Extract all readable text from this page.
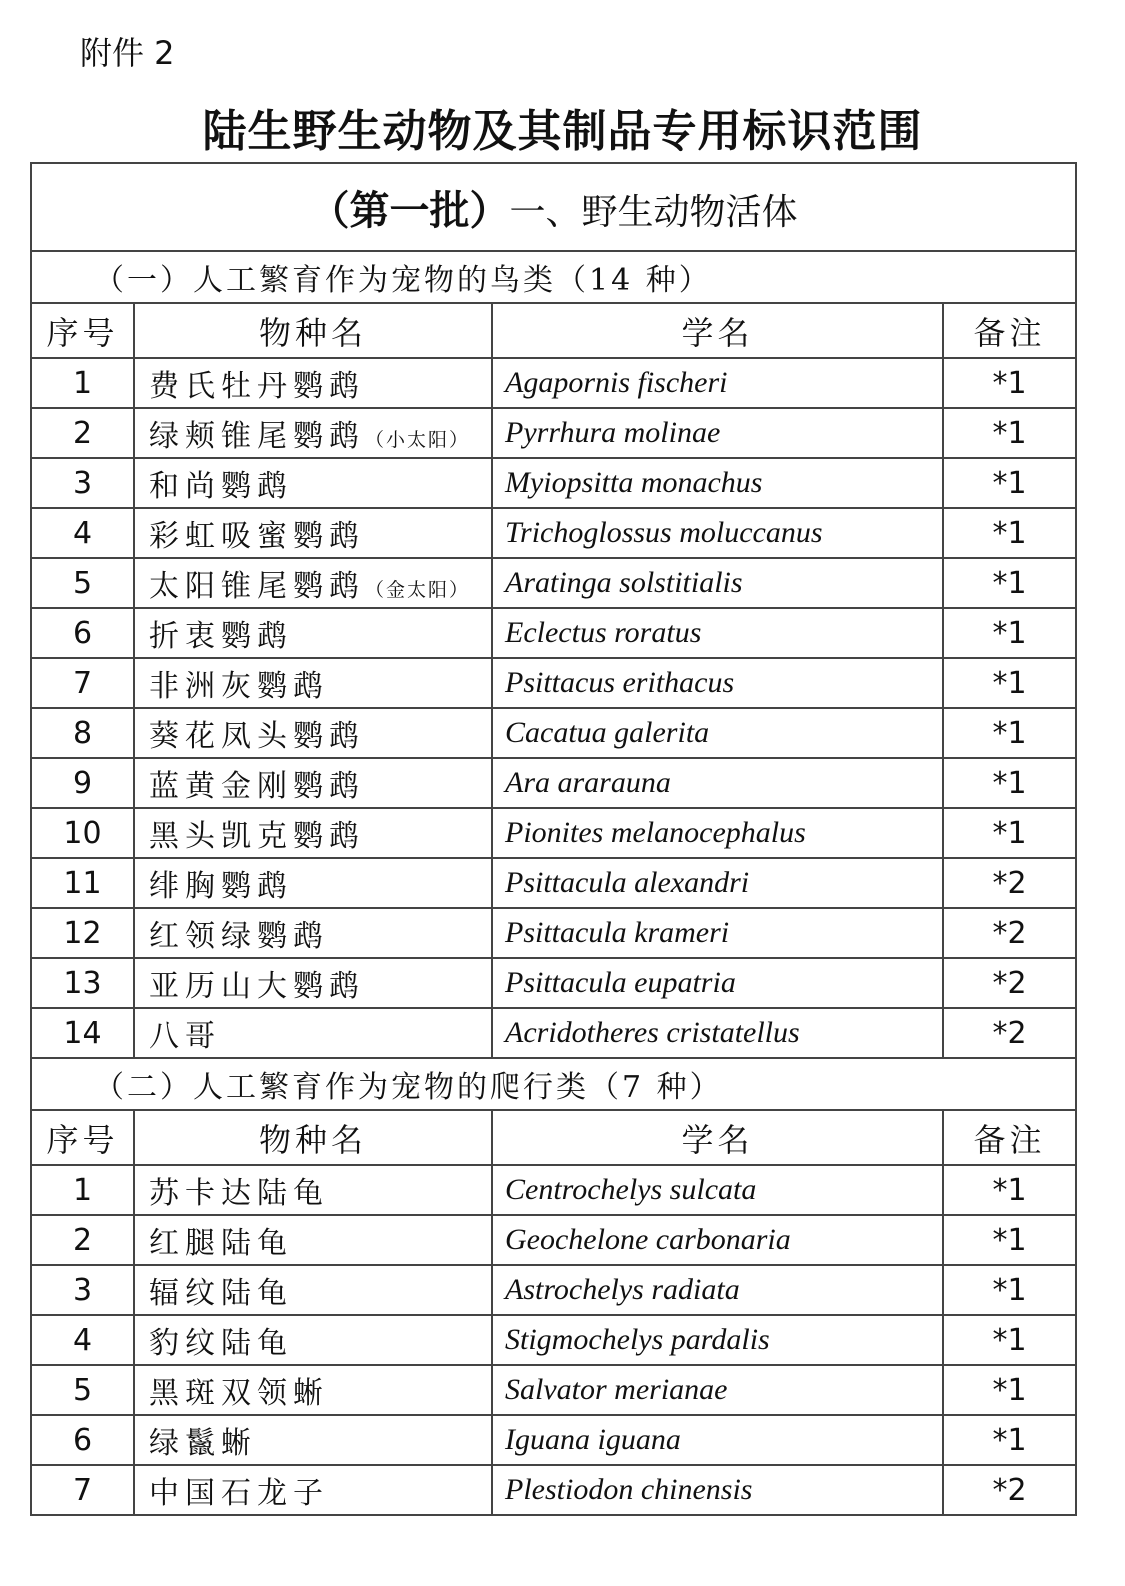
附件 2
陆生野生动物及其制品专用标识范围
（第一批）一、野生动物活体			
（一）人工繁育作为宠物的鸟类（14 种）			
序号	物种名	学名	备注
1	费氏牡丹鹦鹉	Agapornis fischeri	*1
2	绿颊锥尾鹦鹉（小太阳）	Pyrrhura molinae	*1
3	和尚鹦鹉	Myiopsitta monachus	*1
4	彩虹吸蜜鹦鹉	Trichoglossus moluccanus	*1
5	太阳锥尾鹦鹉（金太阳）	Aratinga solstitialis	*1
6	折衷鹦鹉	Eclectus roratus	*1
7	非洲灰鹦鹉	Psittacus erithacus	*1
8	葵花凤头鹦鹉	Cacatua galerita	*1
9	蓝黄金刚鹦鹉	Ara ararauna	*1
10	黑头凯克鹦鹉	Pionites melanocephalus	*1
11	绯胸鹦鹉	Psittacula alexandri	*2
12	红领绿鹦鹉	Psittacula krameri	*2
13	亚历山大鹦鹉	Psittacula eupatria	*2
14	八哥	Acridotheres cristatellus	*2
（二）人工繁育作为宠物的爬行类（7 种）			
序号	物种名	学名	备注
1	苏卡达陆龟	Centrochelys sulcata	*1
2	红腿陆龟	Geochelone carbonaria	*1
3	辐纹陆龟	Astrochelys radiata	*1
4	豹纹陆龟	Stigmochelys pardalis	*1
5	黑斑双领蜥	Salvator merianae	*1
6	绿鬣蜥	Iguana iguana	*1
7	中国石龙子	Plestiodon chinensis	*2
